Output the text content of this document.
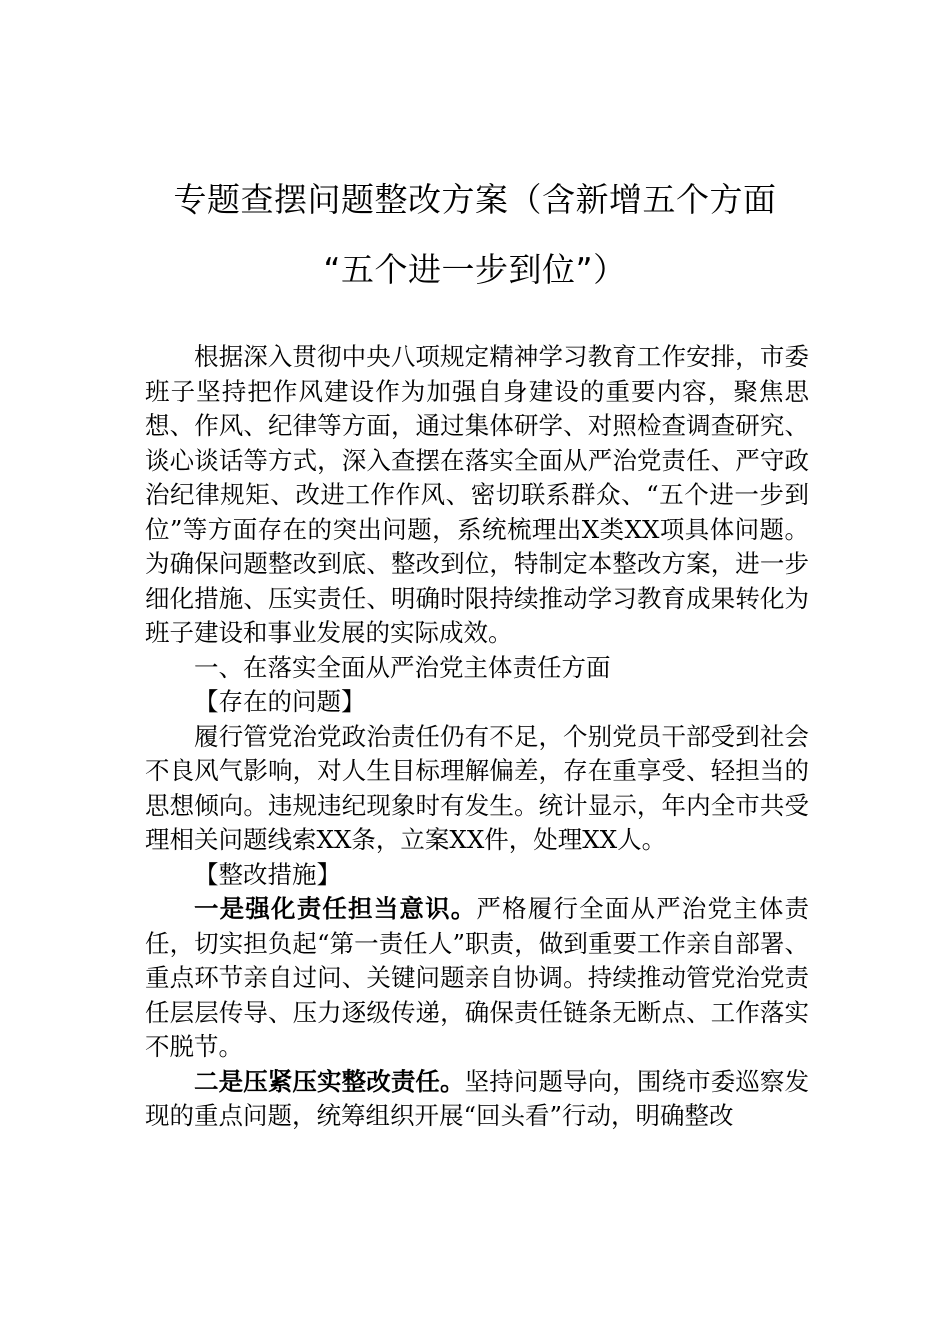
专题查摆问题整改方案（含新增五个方面
“五个进一步到位”）

根据深入贯彻中央八项规定精神学习教育工作安排，市委班子坚持把作风建设作为加强自身建设的重要内容，聚焦思想、作风、纪律等方面，通过集体研学、对照检查调查研究、谈心谈话等方式，深入查摆在落实全面从严治党责任、严守政治纪律规矩、改进工作作风、密切联系群众、“五个进一步到位”等方面存在的突出问题，系统梳理出X类XX项具体问题。为确保问题整改到底、整改到位，特制定本整改方案，进一步细化措施、压实责任、明确时限持续推动学习教育成果转化为班子建设和事业发展的实际成效。

一、在落实全面从严治党主体责任方面

【存在的问题】

履行管党治党政治责任仍有不足，个别党员干部受到社会不良风气影响，对人生目标理解偏差，存在重享受、轻担当的思想倾向。违规违纪现象时有发生。统计显示，年内全市共受理相关问题线索XX条，立案XX件，处理XX人。

【整改措施】

一是强化责任担当意识。严格履行全面从严治党主体责任，切实担负起“第一责任人”职责，做到重要工作亲自部署、重点环节亲自过问、关键问题亲自协调。持续推动管党治党责任层层传导、压力逐级传递，确保责任链条无断点、工作落实不脱节。

二是压紧压实整改责任。坚持问题导向，围绕市委巡察发现的重点问题，统筹组织开展“回头看”行动，明确整改
